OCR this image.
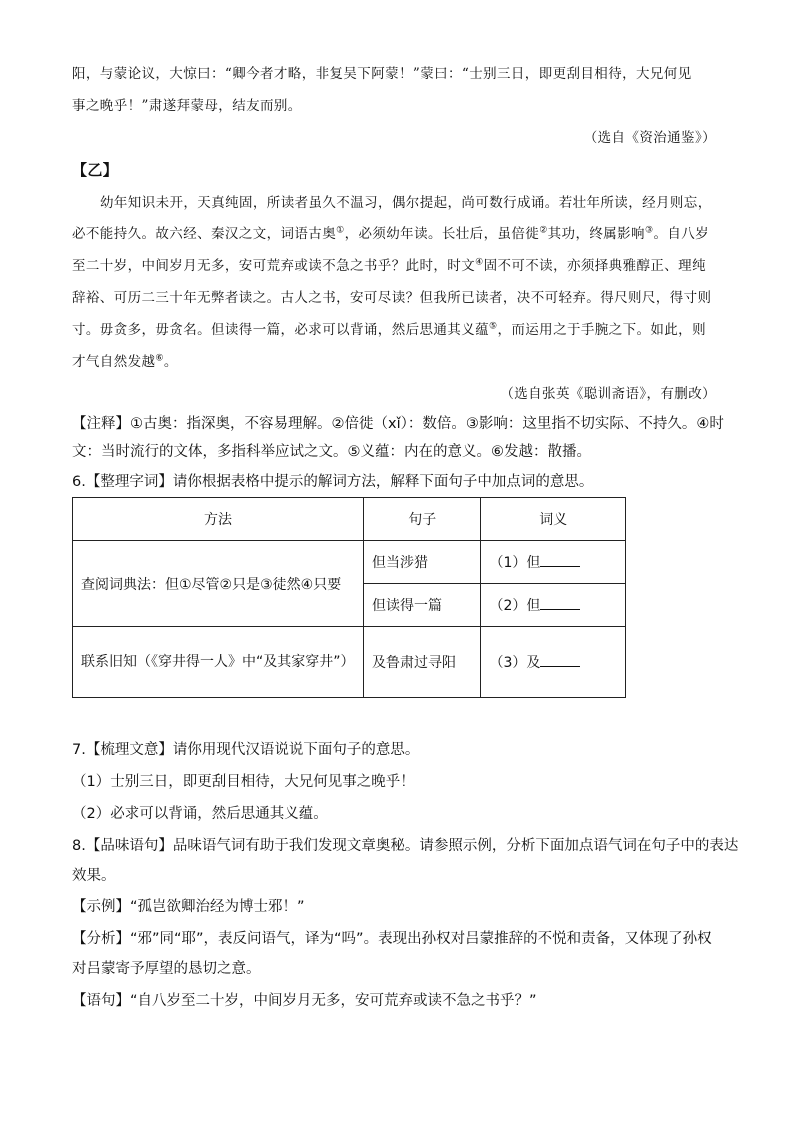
阳，与蒙论议，大惊曰：“卿今者才略，非复吴下阿蒙！”蒙曰：“士别三日，即更刮目相待，大兄何见
事之晚乎！”肃遂拜蒙母，结友而别。
（选自《资治通鉴》）
【乙】
幼年知识未开，天真纯固，所读者虽久不温习，偶尔提起，尚可数行成诵。若壮年所读，经月则忘，
必不能持久。故六经、秦汉之文，词语古奥①，必须幼年读。长壮后，虽倍徙②其功，终属影响③。自八岁
至二十岁，中间岁月无多，安可荒弃或读不急之书乎？此时，时文④固不可不读，亦须择典雅醇正、理纯
辞裕、可历二三十年无弊者读之。古人之书，安可尽读？但我所已读者，决不可轻弃。得尺则尺，得寸则
寸。毋贪多，毋贪名。但读得一篇，必求可以背诵，然后思通其义蕴⑤，而运用之于手腕之下。如此，则
才气自然发越⑥。
（选自张英《聪训斋语》，有删改）
【注释】①古奥：指深奥，不容易理解。②倍徙（xǐ）：数倍。③影响：这里指不切实际、不持久。④时
文：当时流行的文体，多指科举应试之文。⑤义蕴：内在的意义。⑥发越：散播。
6.【整理字词】请你根据表格中提示的解词方法，解释下面句子中加点词的意思。
方法	句子	词义
查阅词典法：但①尽管②只是③徒然④只要	但当涉猎	（1）但
	但读得一篇	（2）但
联系旧知（《穿井得一人》中“及其家穿井”）	及鲁肃过寻阳	（3）及
7.【梳理文意】请你用现代汉语说说下面句子的意思。
（1）士别三日，即更刮目相待，大兄何见事之晚乎！
（2）必求可以背诵，然后思通其义蕴。
8.【品味语句】品味语气词有助于我们发现文章奥秘。请参照示例，分析下面加点语气词在句子中的表达
效果。
【示例】“孤岂欲卿治经为博士邪！”
【分析】“邪”同“耶”，表反问语气，译为“吗”。表现出孙权对吕蒙推辞的不悦和责备，又体现了孙权
对吕蒙寄予厚望的恳切之意。
【语句】“自八岁至二十岁，中间岁月无多，安可荒弃或读不急之书乎？”
